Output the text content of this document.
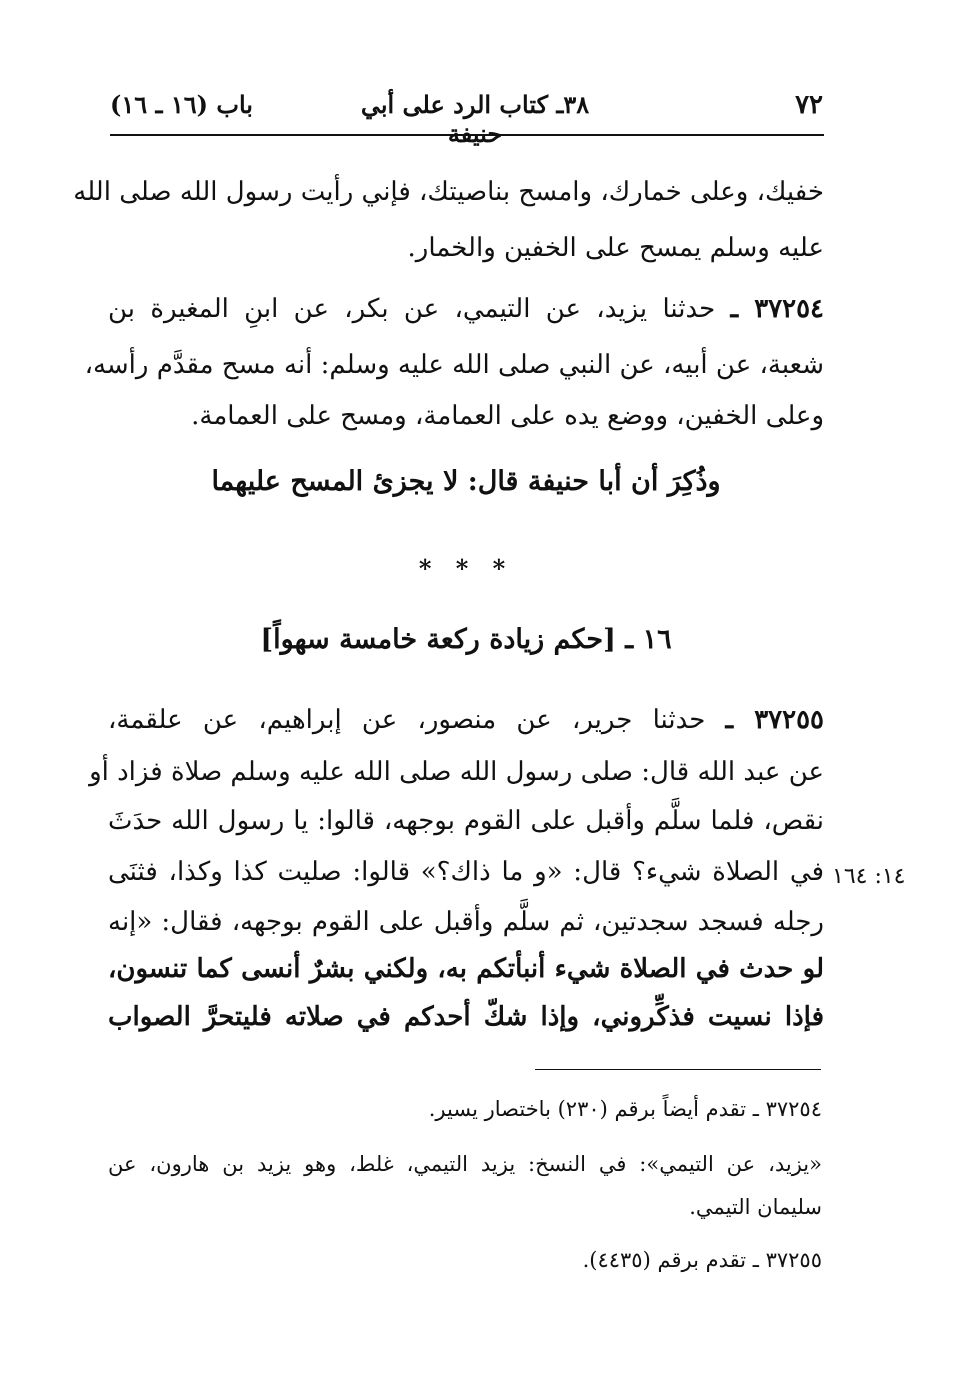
٧٢
٣٨ـ كتاب الرد على أبي حنيفة
باب (١٦ ـ ١٦)
خفيك، وعلى خمارك، وامسح بناصيتك، فإني رأيت رسول الله صلى الله
عليه وسلم يمسح على الخفين والخمار.
٣٧٢٥٤ ـ حدثنا يزيد، عن التيمي، عن بكر، عن ابنِ المغيرة بن
شعبة، عن أبيه، عن النبي صلى الله عليه وسلم: أنه مسح مقدَّم رأسه،
وعلى الخفين، ووضع يده على العمامة، ومسح على العمامة.
وذُكِرَ أن أبا حنيفة قال: لا يجزئ المسح عليهما
* * *
١٦ ـ [حكم زيادة ركعة خامسة سهواً]
٣٧٢٥٥ ـ حدثنا جرير، عن منصور، عن إبراهيم، عن علقمة،
عن عبد الله قال: صلى رسول الله صلى الله عليه وسلم صلاة فزاد أو
نقص، فلما سلَّم وأقبل على القوم بوجهه، قالوا: يا رسول الله حدَثَ
في الصلاة شيء؟ قال: «و ما ذاك؟» قالوا: صليت كذا وكذا، فثنَى
رجله فسجد سجدتين، ثم سلَّم وأقبل على القوم بوجهه، فقال: «إنه
لو حدث في الصلاة شيء أنبأتكم به، ولكني بشرٌ أنسى كما تنسون،
فإذا نسيت فذكِّروني، وإذا شكّ أحدكم في صلاته فليتحرَّ الصواب
١٤: ١٦٤
٣٧٢٥٤ ـ تقدم أيضاً برقم (٢٣٠) باختصار يسير.
«يزيد، عن التيمي»: في النسخ: يزيد التيمي، غلط، وهو يزيد بن هارون، عن
سليمان التيمي.
٣٧٢٥٥ ـ تقدم برقم (٤٤٣٥).
